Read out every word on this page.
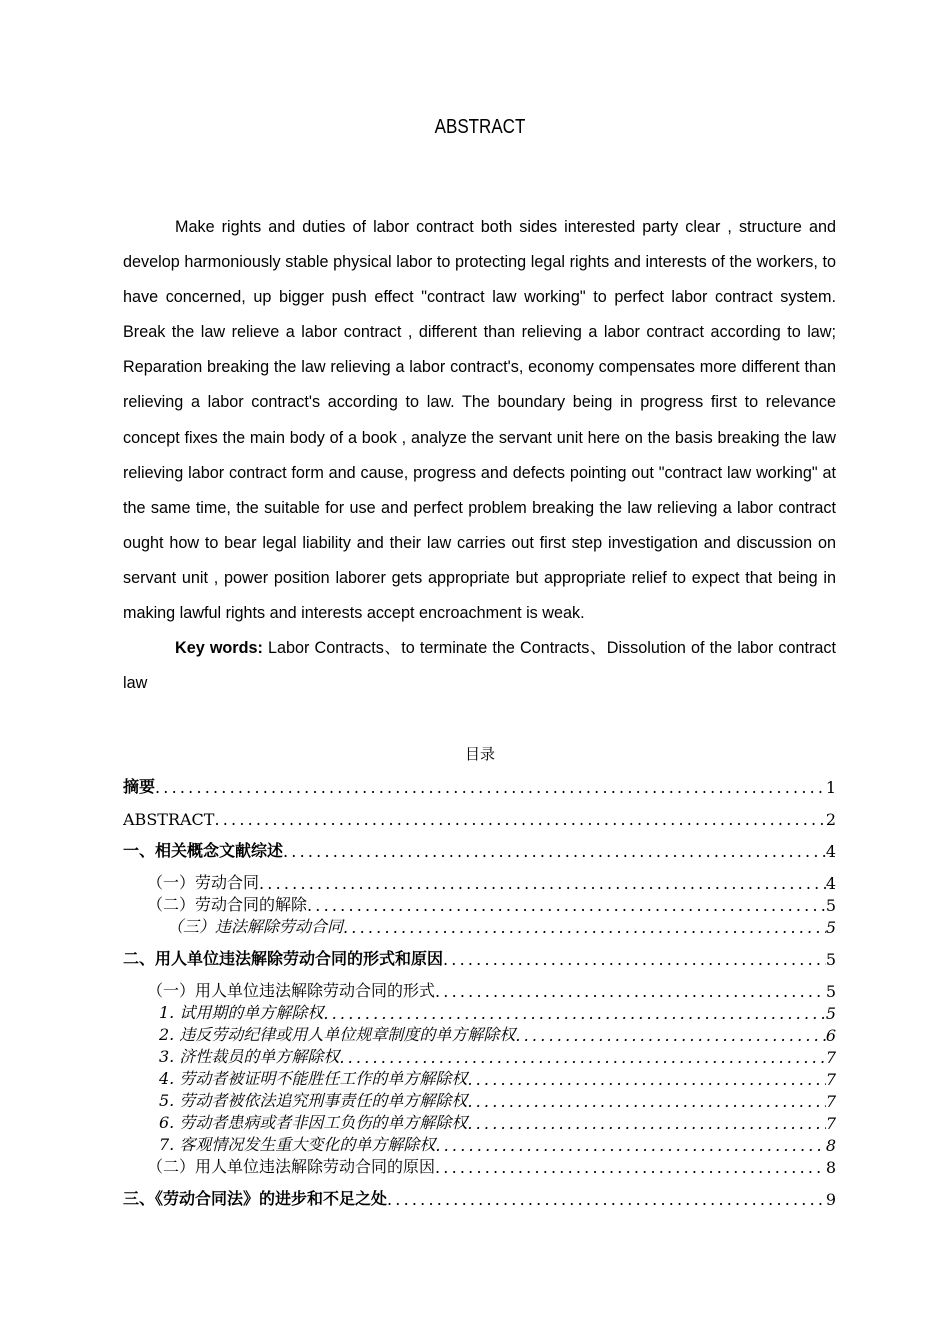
ABSTRACT

Make rights and duties of labor contract both sides interested party clear , structure and develop harmoniously stable physical labor to protecting legal rights and interests of the workers, to have concerned, up bigger push effect "contract law working" to perfect labor contract system. Break the law relieve a labor contract , different than relieving a labor contract according to law; Reparation breaking the law relieving a labor contract's, economy compensates more different than relieving a labor contract's according to law. The boundary being in progress first to relevance concept fixes the main body of a book , analyze the servant unit here on the basis breaking the law relieving labor contract form and cause, progress and defects pointing out "contract law working" at the same time, the suitable for use and perfect problem breaking the law relieving a labor contract ought how to bear legal liability and their law carries out first step investigation and discussion on servant unit , power position laborer gets appropriate but appropriate relief to expect that being in making lawful rights and interests accept encroachment is weak.

Key words: Labor Contracts、to terminate the Contracts、Dissolution of the labor contract law

目录
摘要 .....	1
ABSTRACT .....	2
一、相关概念文献综述 .....	4
（一）劳动合同 .....	4
（二）劳动合同的解除 .....	5
（三）违法解除劳动合同 .....	5
二、用人单位违法解除劳动合同的形式和原因 .....	5
（一）用人单位违法解除劳动合同的形式 .....	5
1. 试用期的单方解除权 .....	5
2. 违反劳动纪律或用人单位规章制度的单方解除权 .....	6
3. 济性裁员的单方解除权 .....	7
4. 劳动者被证明不能胜任工作的单方解除权 .....	7
5. 劳动者被依法追究刑事责任的单方解除权 .....	7
6. 劳动者患病或者非因工负伤的单方解除权 .....	7
7. 客观情况发生重大变化的单方解除权 .....	8
（二）用人单位违法解除劳动合同的原因 .....	8
三、《劳动合同法》的进步和不足之处 .....	9
